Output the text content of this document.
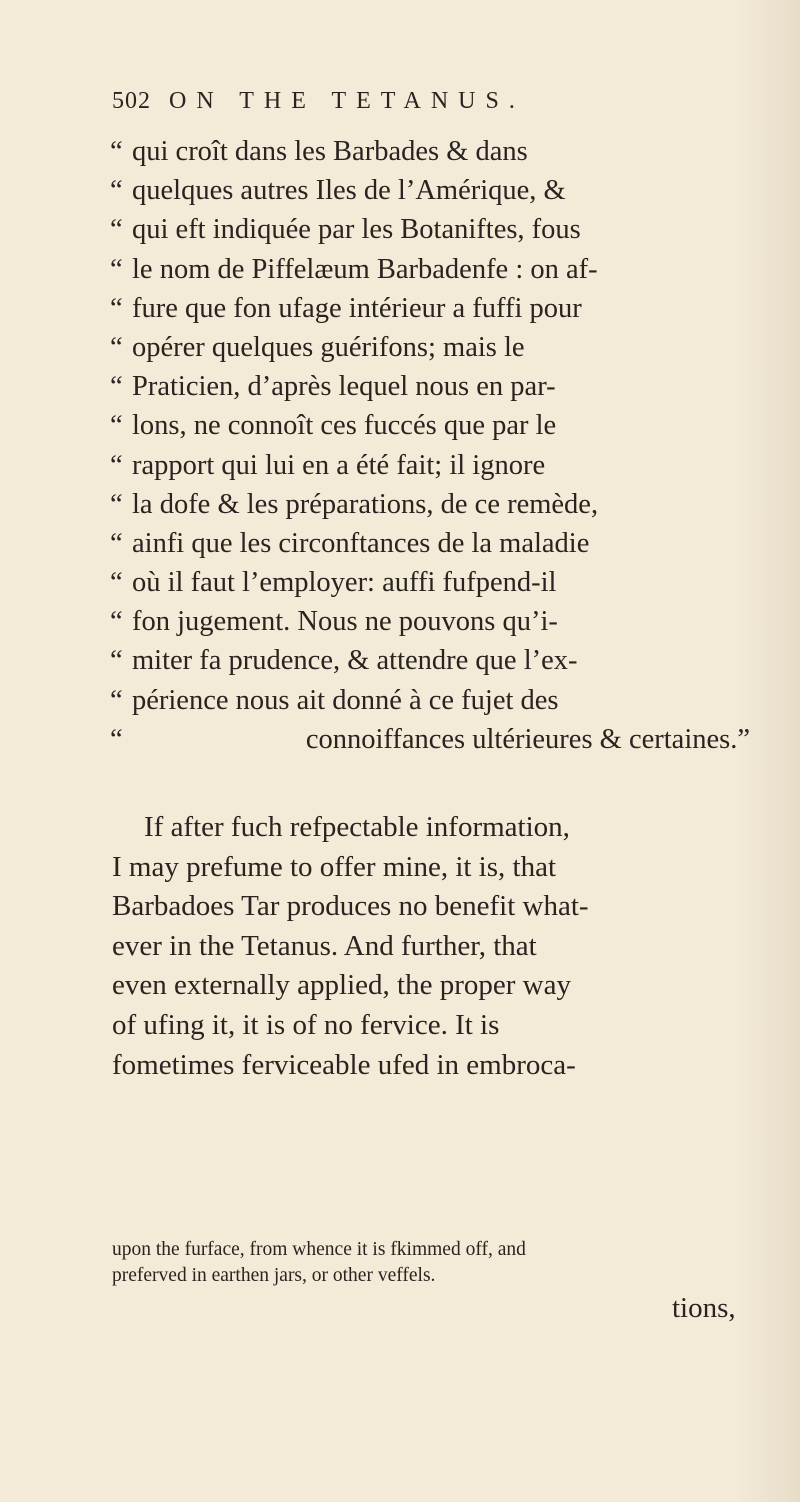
502 ON THE TETANUS.
“ qui croît dans les Barbades & dans
“ quelques autres Iles de l’Amérique, &
“ qui eft indiquée par les Botaniftes, fous
“ le nom de Piffelæum Barbadenfe : on af-
“ fure que fon ufage intérieur a fuffi pour
“ opérer quelques guérifons; mais le
“ Praticien, d’après lequel nous en par-
“ lons, ne connoît ces fuccés que par le
“ rapport qui lui en a été fait; il ignore
“ la dofe & les préparations, de ce remède,
“ ainfi que les circonftances de la maladie
“ où il faut l’employer: auffi fufpend-il
“ fon jugement. Nous ne pouvons qu’i-
“ miter fa prudence, & attendre que l’ex-
“ périence nous ait donné à ce fujet des
“	connoiffances ultérieures & certaines.”
If after fuch refpectable information,
I may prefume to offer mine, it is, that
Barbadoes Tar produces no benefit what-
ever in the Tetanus. And further, that
even externally applied, the proper way
of ufing it, it is of no fervice. It is
fometimes ferviceable ufed in embroca-
upon the furface, from whence it is fkimmed off, and
preferved in earthen jars, or other veffels.
tions,
